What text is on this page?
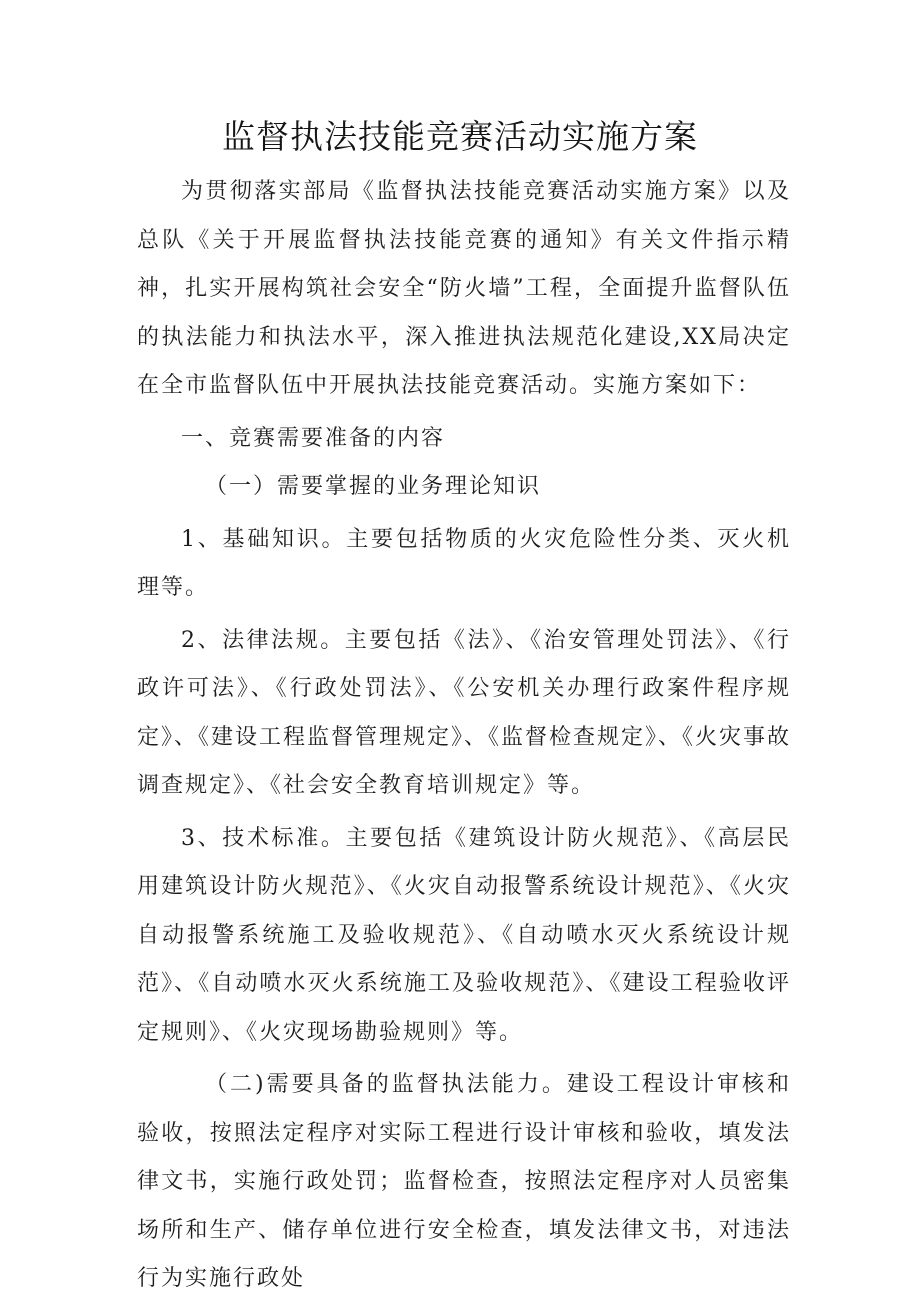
监督执法技能竞赛活动实施方案

为贯彻落实部局《监督执法技能竞赛活动实施方案》以及总队《关于开展监督执法技能竞赛的通知》有关文件指示精神，扎实开展构筑社会安全“防火墙”工程，全面提升监督队伍的执法能力和执法水平，深入推进执法规范化建设,XX局决定在全市监督队伍中开展执法技能竞赛活动。实施方案如下：

一、竞赛需要准备的内容

（一）需要掌握的业务理论知识

1、基础知识。主要包括物质的火灾危险性分类、灭火机理等。

2、法律法规。主要包括《法》、《治安管理处罚法》、《行政许可法》、《行政处罚法》、《公安机关办理行政案件程序规定》、《建设工程监督管理规定》、《监督检查规定》、《火灾事故调查规定》、《社会安全教育培训规定》等。

3、技术标准。主要包括《建筑设计防火规范》、《高层民用建筑设计防火规范》、《火灾自动报警系统设计规范》、《火灾自动报警系统施工及验收规范》、《自动喷水灭火系统设计规范》、《自动喷水灭火系统施工及验收规范》、《建设工程验收评定规则》、《火灾现场勘验规则》等。

（二)需要具备的监督执法能力。建设工程设计审核和验收，按照法定程序对实际工程进行设计审核和验收，填发法律文书，实施行政处罚；监督检查，按照法定程序对人员密集场所和生产、储存单位进行安全检查，填发法律文书，对违法行为实施行政处
